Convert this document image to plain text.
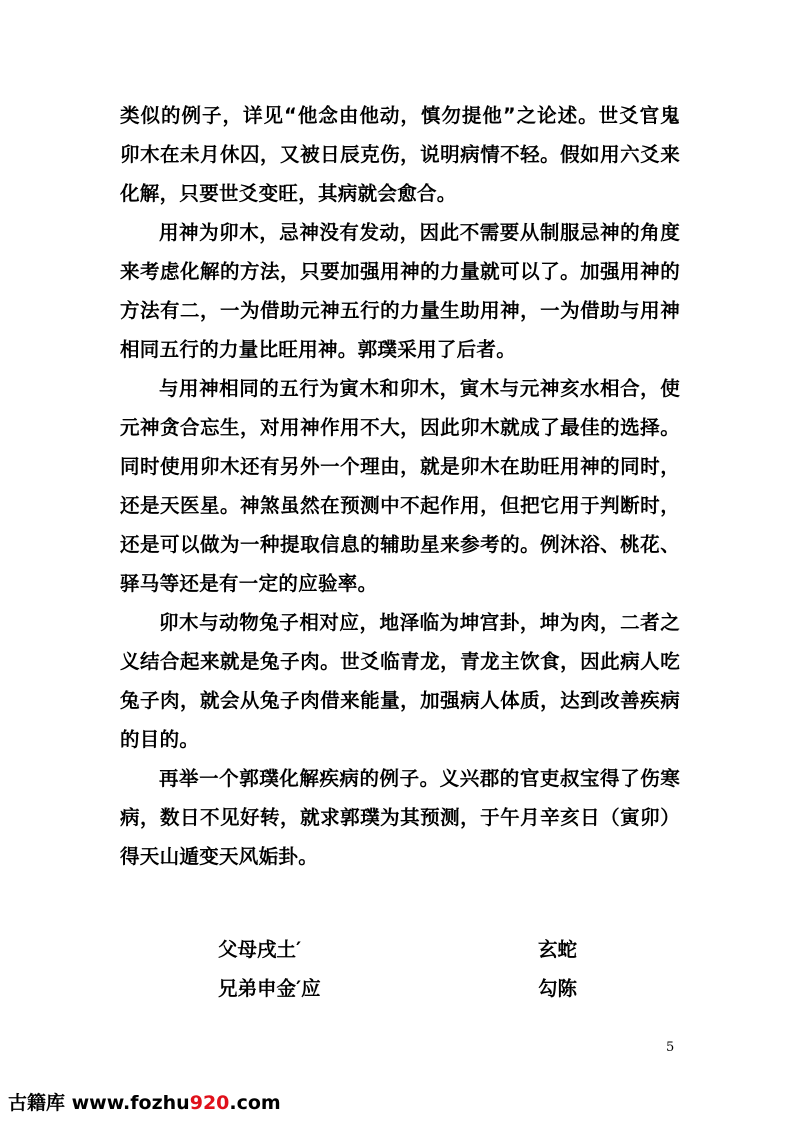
类似的例子，详见“他念由他动，慎勿提他”之论述。世爻官鬼卯木在未月休囚，又被日辰克伤，说明病情不轻。假如用六爻来化解，只要世爻变旺，其病就会愈合。

用神为卯木，忌神没有发动，因此不需要从制服忌神的角度来考虑化解的方法，只要加强用神的力量就可以了。加强用神的方法有二，一为借助元神五行的力量生助用神，一为借助与用神相同五行的力量比旺用神。郭璞采用了后者。

与用神相同的五行为寅木和卯木，寅木与元神亥水相合，使元神贪合忘生，对用神作用不大，因此卯木就成了最佳的选择。同时使用卯木还有另外一个理由，就是卯木在助旺用神的同时，还是天医星。神煞虽然在预测中不起作用，但把它用于判断时，还是可以做为一种提取信息的辅助星来参考的。例沐浴、桃花、驿马等还是有一定的应验率。

卯木与动物兔子相对应，地泽临为坤宫卦，坤为肉，二者之义结合起来就是兔子肉。世爻临青龙，青龙主饮食，因此病人吃兔子肉，就会从兔子肉借来能量，加强病人体质，达到改善疾病的目的。

再举一个郭璞化解疾病的例子。义兴郡的官吏叔宝得了伤寒病，数日不见好转，就求郭璞为其预测，于午月辛亥日（寅卯）得天山遁变天风姤卦。

父母戌土′	玄蛇
兄弟申金′应	勾陈
5
古籍库 www.fozhu920.com
